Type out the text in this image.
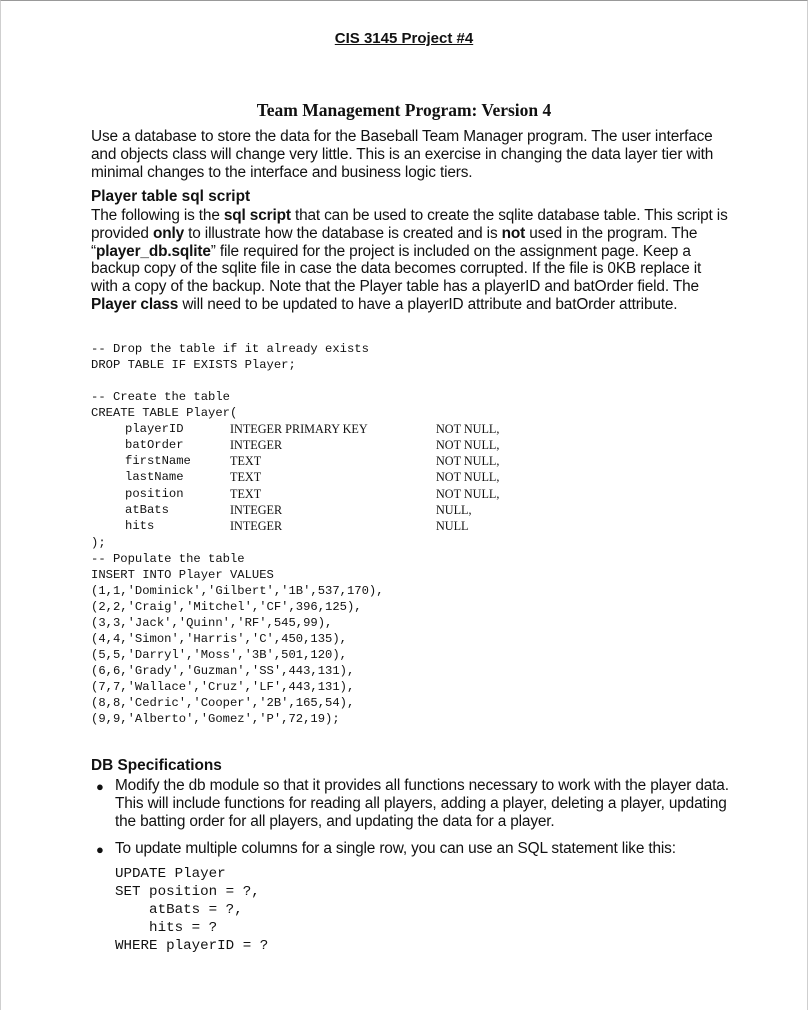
CIS 3145 Project #4
Team Management Program: Version 4
Use a database to store the data for the Baseball Team Manager program. The user interface and objects class will change very little. This is an exercise in changing the data layer tier with minimal changes to the interface and business logic tiers.
Player table sql script
The following is the sql script that can be used to create the sqlite database table. This script is provided only to illustrate how the database is created and is not used in the program. The “player_db.sqlite” file required for the project is included on the assignment page. Keep a backup copy of the sqlite file in case the data becomes corrupted. If the file is 0KB replace it with a copy of the backup. Note that the Player table has a playerID and batOrder field. The Player class will need to be updated to have a playerID attribute and batOrder attribute.
-- Drop the table if it already exists
DROP TABLE IF EXISTS Player;
-- Create the table
CREATE TABLE Player(
playerID	INTEGER PRIMARY KEY	NOT NULL,
batOrder	INTEGER	NOT NULL,
firstName	TEXT	NOT NULL,
lastName	TEXT	NOT NULL,
position	TEXT	NOT NULL,
atBats	INTEGER	NULL,
hits	INTEGER	NULL
);
-- Populate the table
INSERT INTO Player VALUES
(1,1,'Dominick','Gilbert','1B',537,170),
(2,2,'Craig','Mitchel','CF',396,125),
(3,3,'Jack','Quinn','RF',545,99),
(4,4,'Simon','Harris','C',450,135),
(5,5,'Darryl','Moss','3B',501,120),
(6,6,'Grady','Guzman','SS',443,131),
(7,7,'Wallace','Cruz','LF',443,131),
(8,8,'Cedric','Cooper','2B',165,54),
(9,9,'Alberto','Gomez','P',72,19);
DB Specifications
● Modify the db module so that it provides all functions necessary to work with the player data. This will include functions for reading all players, adding a player, deleting a player, updating the batting order for all players, and updating the data for a player.
● To update multiple columns for a single row, you can use an SQL statement like this:
UPDATE Player
SET position = ?,
atBats = ?,
hits = ?
WHERE playerID = ?
